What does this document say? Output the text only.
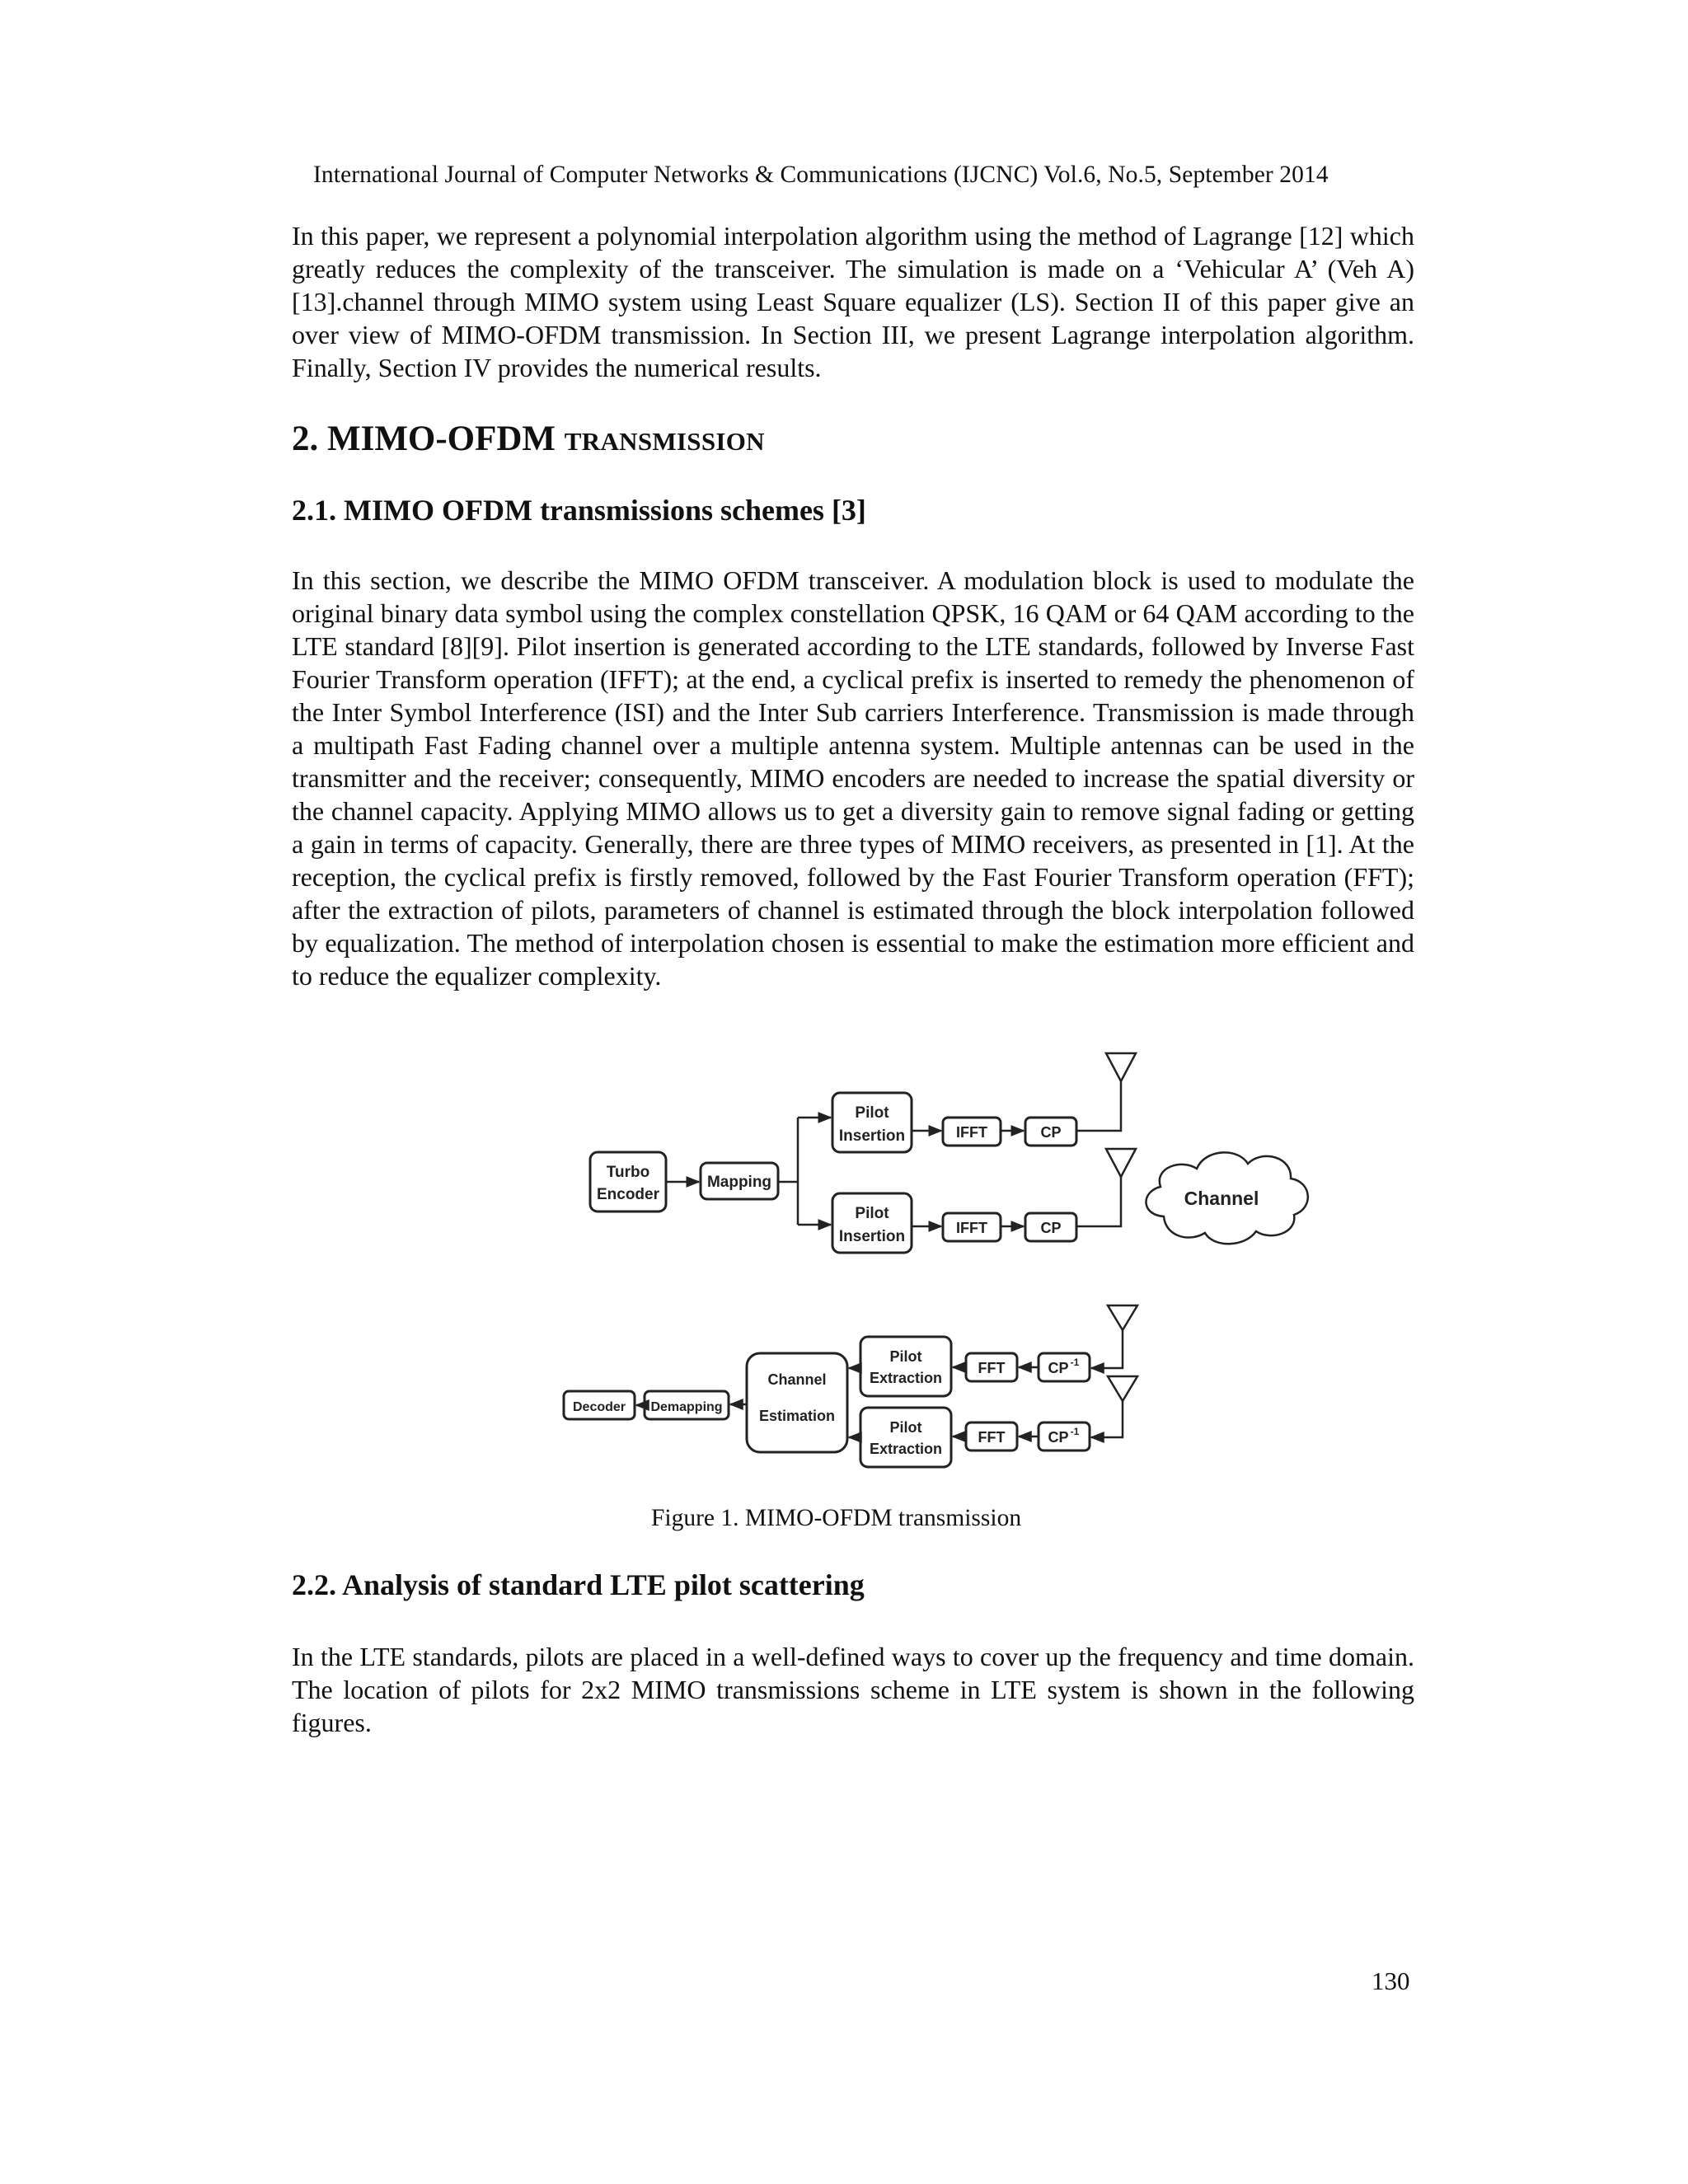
International Journal of Computer Networks & Communications (IJCNC) Vol.6, No.5, September 2014

In this paper, we represent a polynomial interpolation algorithm using the method of Lagrange [12] which greatly reduces the complexity of the transceiver. The simulation is made on a ‘Vehicular A’ (Veh A) [13].channel through MIMO system using Least Square equalizer (LS). Section II of this paper give an over view of MIMO-OFDM transmission. In Section III, we present Lagrange interpolation algorithm. Finally, Section IV provides the numerical results.

2. MIMO-OFDM TRANSMISSION
2.1. MIMO OFDM transmissions schemes [3]

In this section, we describe the MIMO OFDM transceiver. A modulation block is used to modulate the original binary data symbol using the complex constellation QPSK, 16 QAM or 64 QAM according to the LTE standard [8][9]. Pilot insertion is generated according to the LTE standards, followed by Inverse Fast Fourier Transform operation (IFFT); at the end, a cyclical prefix is inserted to remedy the phenomenon of the Inter Symbol Interference (ISI) and the Inter Sub carriers Interference. Transmission is made through a multipath Fast Fading channel over a multiple antenna system. Multiple antennas can be used in the transmitter and the receiver; consequently, MIMO encoders are needed to increase the spatial diversity or the channel capacity. Applying MIMO allows us to get a diversity gain to remove signal fading or getting a gain in terms of capacity. Generally, there are three types of MIMO receivers, as presented in [1]. At the reception, the cyclical prefix is firstly removed, followed by the Fast Fourier Transform operation (FFT); after the extraction of pilots, parameters of channel is estimated through the block interpolation followed by equalization. The method of interpolation chosen is essential to make the estimation more efficient and to reduce the equalizer complexity.

Turbo
Encoder
Mapping
Pilot
Insertion	IFFT	CP
Pilot
Insertion	IFFT	CP
Channel
CP -1
FFT
Pilot
Extraction
CP -1
FFT
Pilot
Extraction
Channel
Estimation
Demapping
Decoder
Figure 1. MIMO-OFDM transmission
2.2. Analysis of standard LTE pilot scattering

In the LTE standards, pilots are placed in a well-defined ways to cover up the frequency and time domain. The location of pilots for 2x2 MIMO transmissions scheme in LTE system is shown in the following figures.

130
